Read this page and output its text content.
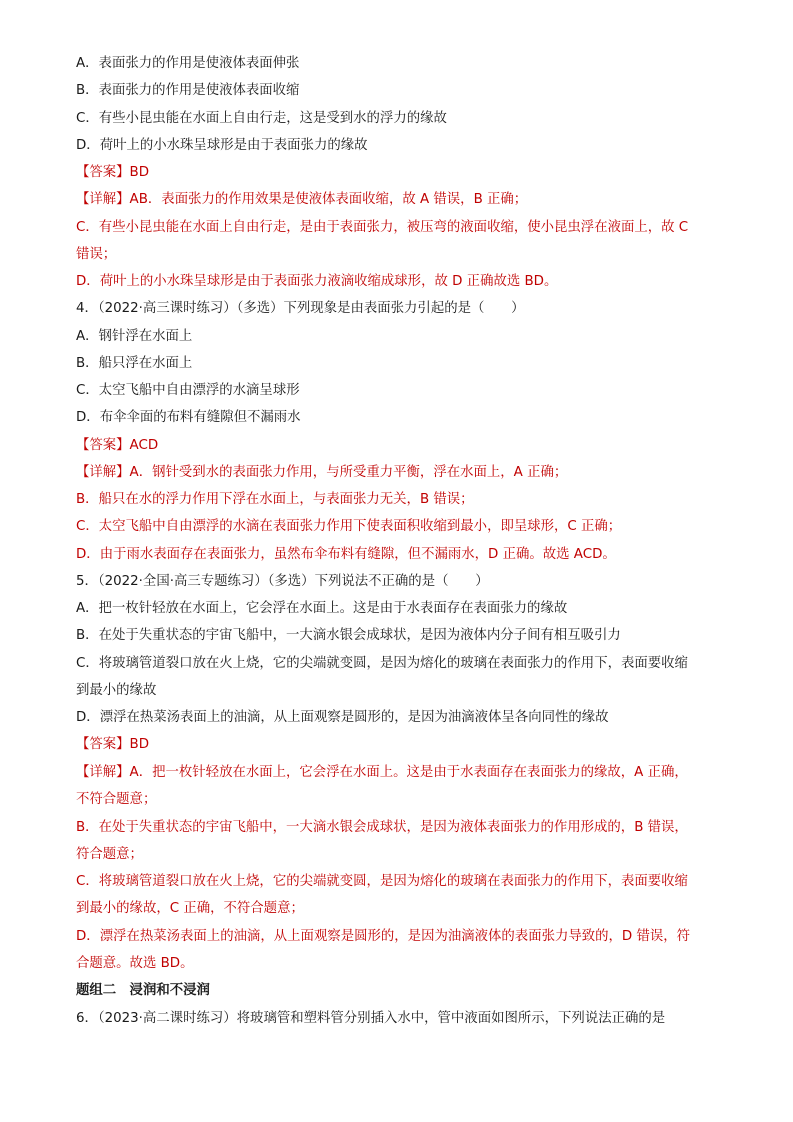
A．表面张力的作用是使液体表面伸张
B．表面张力的作用是使液体表面收缩
C．有些小昆虫能在水面上自由行走，这是受到水的浮力的缘故
D．荷叶上的小水珠呈球形是由于表面张力的缘故
【答案】BD
【详解】AB．表面张力的作用效果是使液体表面收缩，故 A 错误，B 正确；
C．有些小昆虫能在水面上自由行走，是由于表面张力，被压弯的液面收缩，使小昆虫浮在液面上，故 C
错误；
D．荷叶上的小水珠呈球形是由于表面张力液滴收缩成球形，故 D 正确故选 BD。
4．（2022·高三课时练习）（多选）下列现象是由表面张力引起的是（　　）
A．钢针浮在水面上
B．船只浮在水面上
C．太空飞船中自由漂浮的水滴呈球形
D．布伞伞面的布料有缝隙但不漏雨水
【答案】ACD
【详解】A．钢针受到水的表面张力作用，与所受重力平衡，浮在水面上，A 正确；
B．船只在水的浮力作用下浮在水面上，与表面张力无关，B 错误；
C．太空飞船中自由漂浮的水滴在表面张力作用下使表面积收缩到最小，即呈球形，C 正确；
D．由于雨水表面存在表面张力，虽然布伞布料有缝隙，但不漏雨水，D 正确。故选 ACD。
5．（2022·全国·高三专题练习）（多选）下列说法不正确的是（　　）
A．把一枚针轻放在水面上，它会浮在水面上。这是由于水表面存在表面张力的缘故
B．在处于失重状态的宇宙飞船中，一大滴水银会成球状，是因为液体内分子间有相互吸引力
C．将玻璃管道裂口放在火上烧，它的尖端就变圆，是因为熔化的玻璃在表面张力的作用下，表面要收缩
到最小的缘故
D．漂浮在热菜汤表面上的油滴，从上面观察是圆形的，是因为油滴液体呈各向同性的缘故
【答案】BD
【详解】A．把一枚针轻放在水面上，它会浮在水面上。这是由于水表面存在表面张力的缘故，A 正确，
不符合题意；
B．在处于失重状态的宇宙飞船中，一大滴水银会成球状，是因为液体表面张力的作用形成的，B 错误，
符合题意；
C．将玻璃管道裂口放在火上烧，它的尖端就变圆，是因为熔化的玻璃在表面张力的作用下，表面要收缩
到最小的缘故，C 正确，不符合题意；
D．漂浮在热菜汤表面上的油滴，从上面观察是圆形的，是因为油滴液体的表面张力导致的，D 错误，符
合题意。故选 BD。
题组二　浸润和不浸润
6．（2023·高二课时练习）将玻璃管和塑料管分别插入水中，管中液面如图所示，下列说法正确的是
